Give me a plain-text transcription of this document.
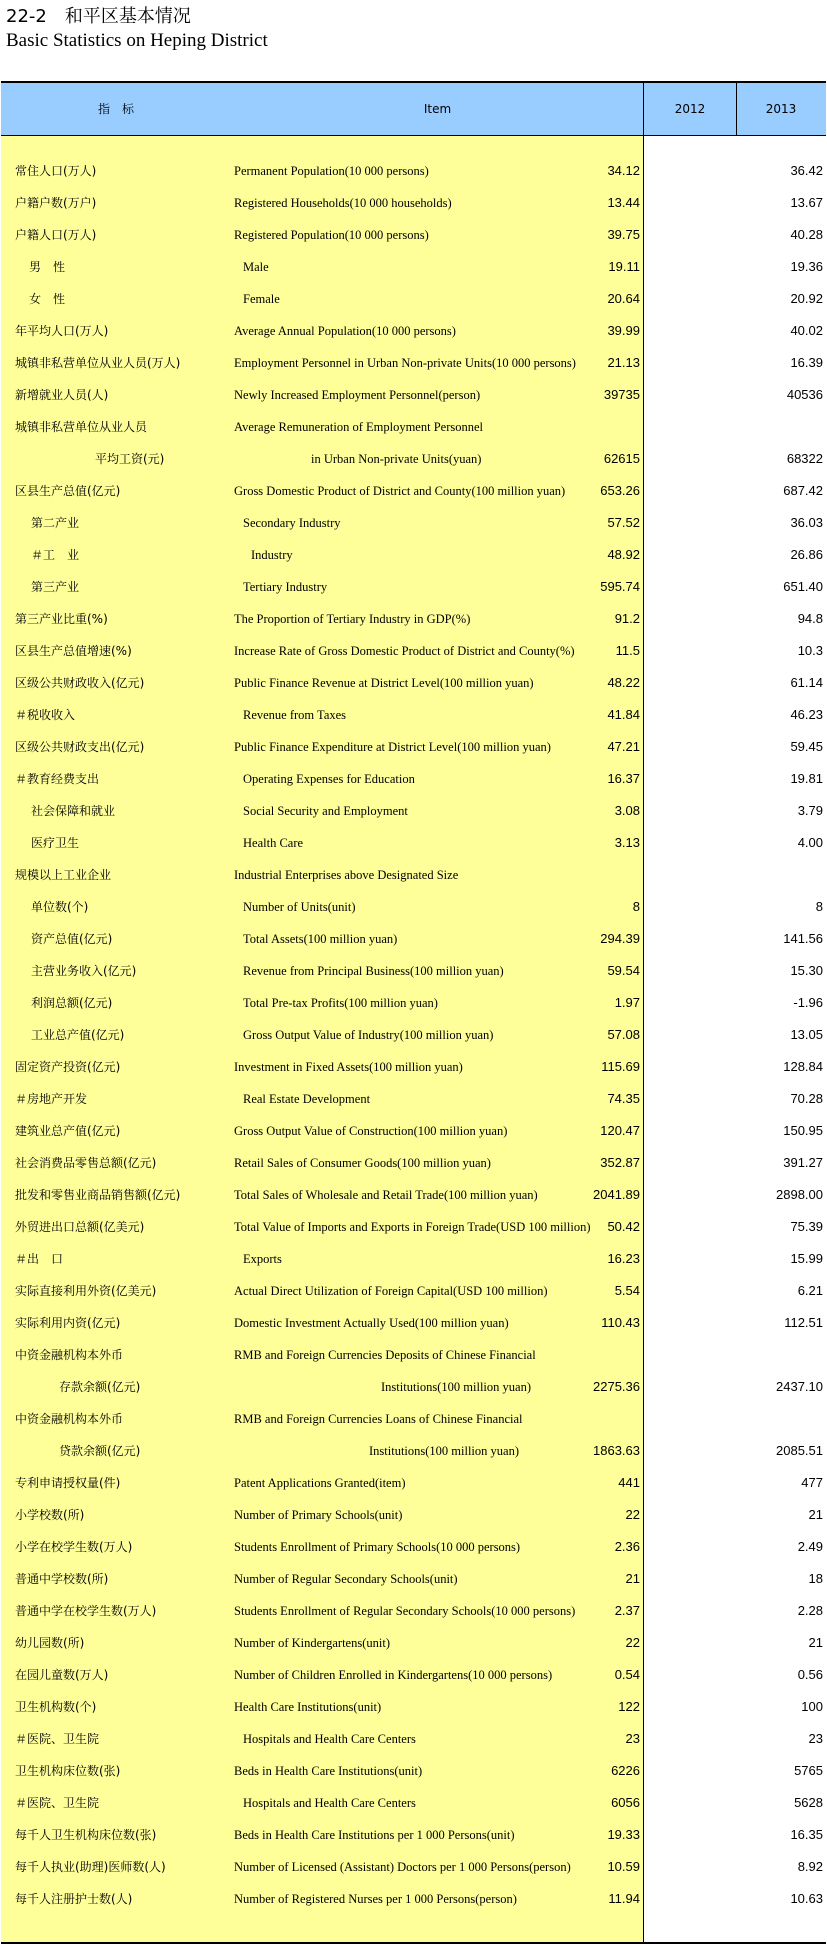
22-2 和平区基本情况
Basic Statistics on Heping District
指　标	Item	2012	2013
常住人口(万人)	Permanent Population(10 000 persons)	34.12	36.42
户籍户数(万户)	Registered Households(10 000 households)	13.44	13.67
户籍人口(万人)	Registered Population(10 000 persons)	39.75	40.28
男　性	Male	19.11	19.36
女　性	Female	20.64	20.92
年平均人口(万人)	Average Annual Population(10 000 persons)	39.99	40.02
城镇非私营单位从业人员(万人)	Employment Personnel in Urban Non-private Units(10 000 persons) 21.13	16.39
新增就业人员(人)	Newly Increased Employment Personnel(person)	39735	40536
城镇非私营单位从业人员	Average Remuneration of Employment Personnel
平均工资(元)	in Urban Non-private Units(yuan)	62615	68322
区县生产总值(亿元)	Gross Domestic Product of District and County(100 million yuan)	653.26	687.42
第二产业	Secondary Industry	57.52	36.03
＃工　业	Industry	48.92	26.86
第三产业	Tertiary Industry	595.74	651.40
第三产业比重(%)	The Proportion of Tertiary Industry in GDP(%)	91.2	94.8
区县生产总值增速(%)	Increase Rate of Gross Domestic Product of District and County(%)	11.5	10.3
区级公共财政收入(亿元)	Public Finance Revenue at District Level(100 million yuan)	48.22	61.14
＃税收收入	Revenue from Taxes	41.84	46.23
区级公共财政支出(亿元)	Public Finance Expenditure at District Level(100 million yuan)	47.21	59.45
＃教育经费支出	Operating Expenses for Education	16.37	19.81
社会保障和就业	Social Security and Employment	3.08	3.79
医疗卫生	Health Care	3.13	4.00
规模以上工业企业	Industrial Enterprises above Designated Size
单位数(个)	Number of Units(unit)	8	8
资产总值(亿元)	Total Assets(100 million yuan)	294.39	141.56
主营业务收入(亿元)	Revenue from Principal Business(100 million yuan)	59.54	15.30
利润总额(亿元)	Total Pre-tax Profits(100 million yuan)	1.97	-1.96
工业总产值(亿元)	Gross Output Value of Industry(100 million yuan)	57.08	13.05
固定资产投资(亿元)	Investment in Fixed Assets(100 million yuan)	115.69	128.84
＃房地产开发	Real Estate Development	74.35	70.28
建筑业总产值(亿元)	Gross Output Value of Construction(100 million yuan)	120.47	150.95
社会消费品零售总额(亿元)	Retail Sales of Consumer Goods(100 million yuan)	352.87	391.27
批发和零售业商品销售额(亿元)	Total Sales of Wholesale and Retail Trade(100 million yuan)	2041.89	2898.00
外贸进出口总额(亿美元)	Total Value of Imports and Exports in Foreign Trade(USD 100 million) 50.42	75.39
＃出　口	Exports	16.23	15.99
实际直接利用外资(亿美元)	Actual Direct Utilization of Foreign Capital(USD 100 million)	5.54	6.21
实际利用内资(亿元)	Domestic Investment Actually Used(100 million yuan)	110.43	112.51
中资金融机构本外币	RMB and Foreign Currencies Deposits of Chinese Financial
存款余额(亿元)	Institutions(100 million yuan)	2275.36	2437.10
中资金融机构本外币	RMB and Foreign Currencies Loans of Chinese Financial
贷款余额(亿元)	Institutions(100 million yuan)	1863.63	2085.51
专利申请授权量(件)	Patent Applications Granted(item)	441	477
小学校数(所)	Number of Primary Schools(unit)	22	21
小学在校学生数(万人)	Students Enrollment of Primary Schools(10 000 persons)	2.36	2.49
普通中学校数(所)	Number of Regular Secondary Schools(unit)	21	18
普通中学在校学生数(万人)	Students Enrollment of Regular Secondary Schools(10 000 persons)	2.37	2.28
幼儿园数(所)	Number of Kindergartens(unit)	22	21
在园儿童数(万人)	Number of Children Enrolled in Kindergartens(10 000 persons)	0.54	0.56
卫生机构数(个)	Health Care Institutions(unit)	122	100
＃医院、卫生院	Hospitals and Health Care Centers	23	23
卫生机构床位数(张)	Beds in Health Care Institutions(unit)	6226	5765
＃医院、卫生院	Hospitals and Health Care Centers	6056	5628
每千人卫生机构床位数(张)	Beds in Health Care Institutions per 1 000 Persons(unit)	19.33	16.35
每千人执业(助理)医师数(人)	Number of Licensed (Assistant) Doctors per 1 000 Persons(person)	10.59	8.92
每千人注册护士数(人)	Number of Registered Nurses per 1 000 Persons(person)	11.94	10.63
